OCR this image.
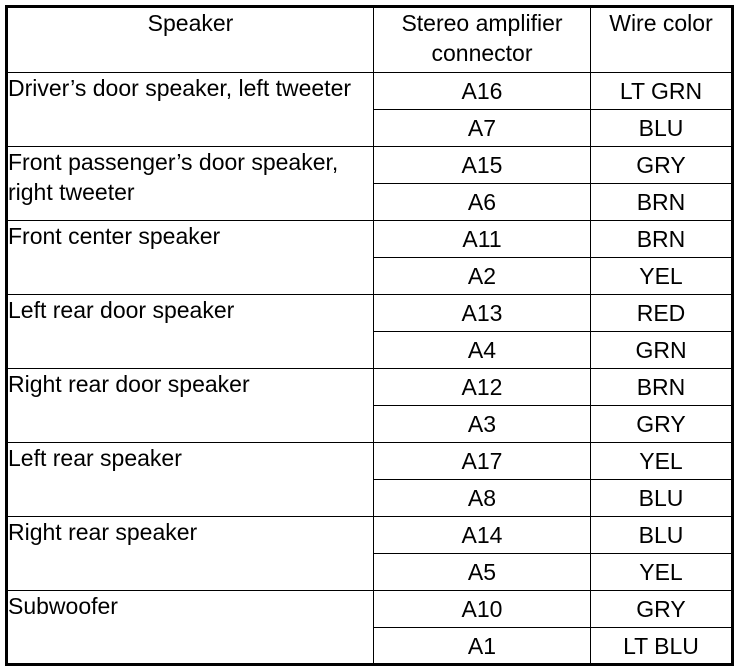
Speaker	Stereo amplifier connector	Wire color
Driver’s door speaker, left tweeter	A16	LT GRN
	A7	BLU
Front passenger’s door speaker, right tweeter	A15	GRY
	A6	BRN
Front center speaker	A11	BRN
	A2	YEL
Left rear door speaker	A13	RED
	A4	GRN
Right rear door speaker	A12	BRN
	A3	GRY
Left rear speaker	A17	YEL
	A8	BLU
Right rear speaker	A14	BLU
	A5	YEL
Subwoofer	A10	GRY
	A1	LT BLU
